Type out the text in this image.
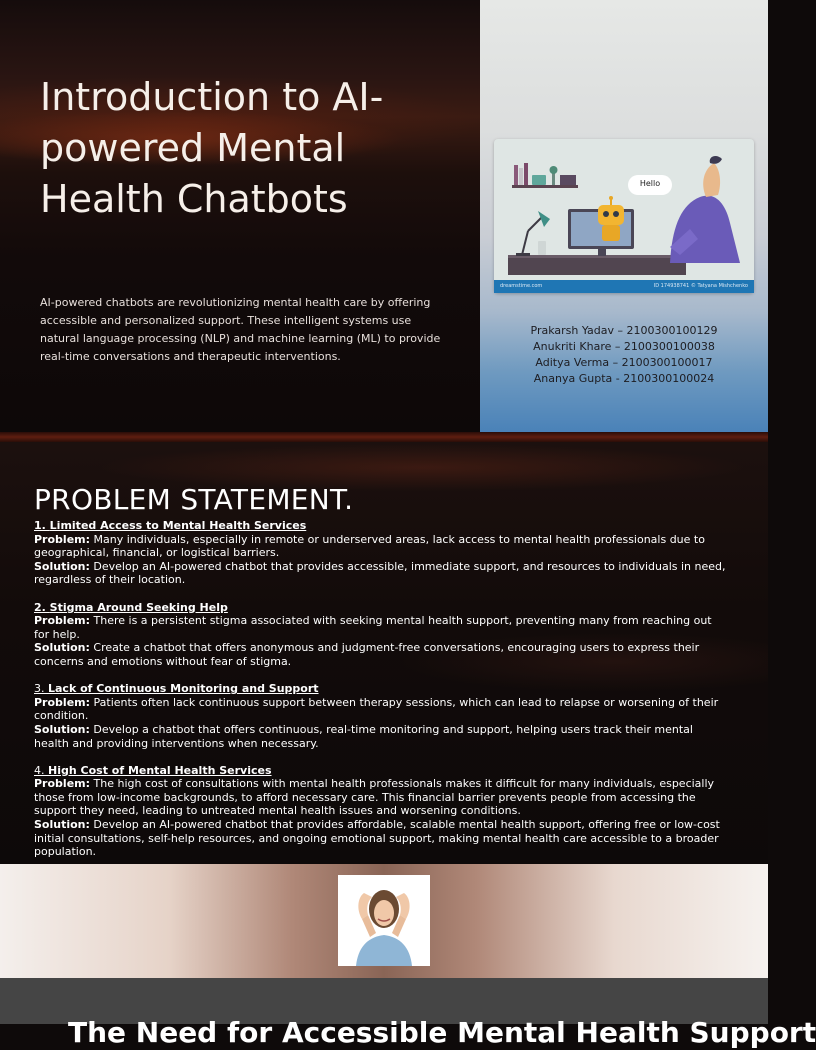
Introduction to AI-powered Mental Health Chatbots

AI-powered chatbots are revolutionizing mental health care by offering accessible and personalized support. These intelligent systems use natural language processing (NLP) and machine learning (ML) to provide real-time conversations and therapeutic interventions.

dreamstime.com	ID 174938741 © Tatyana Mishchenko
Hello
Prakarsh Yadav – 2100300100129
Anukriti Khare – 2100300100038
Aditya Verma – 2100300100017
Ananya Gupta - 2100300100024
PROBLEM STATEMENT.
1. Limited Access to Mental Health Services
Problem: Many individuals, especially in remote or underserved areas, lack access to mental health professionals due to geographical, financial, or logistical barriers.
Solution: Develop an AI-powered chatbot that provides accessible, immediate support, and resources to individuals in need, regardless of their location.
2. Stigma Around Seeking Help
Problem: There is a persistent stigma associated with seeking mental health support, preventing many from reaching out for help.
Solution: Create a chatbot that offers anonymous and judgment-free conversations, encouraging users to express their concerns and emotions without fear of stigma.
3. Lack of Continuous Monitoring and Support
Problem: Patients often lack continuous support between therapy sessions, which can lead to relapse or worsening of their condition.
Solution: Develop a chatbot that offers continuous, real-time monitoring and support, helping users track their mental health and providing interventions when necessary.
4. High Cost of Mental Health Services
Problem: The high cost of consultations with mental health professionals makes it difficult for many individuals, especially those from low-income backgrounds, to afford necessary care. This financial barrier prevents people from accessing the support they need, leading to untreated mental health issues and worsening conditions.
Solution: Develop an AI-powered chatbot that provides affordable, scalable mental health support, offering free or low-cost initial consultations, self-help resources, and ongoing emotional support, making mental health care accessible to a broader population.
The Need for Accessible Mental Health Support
